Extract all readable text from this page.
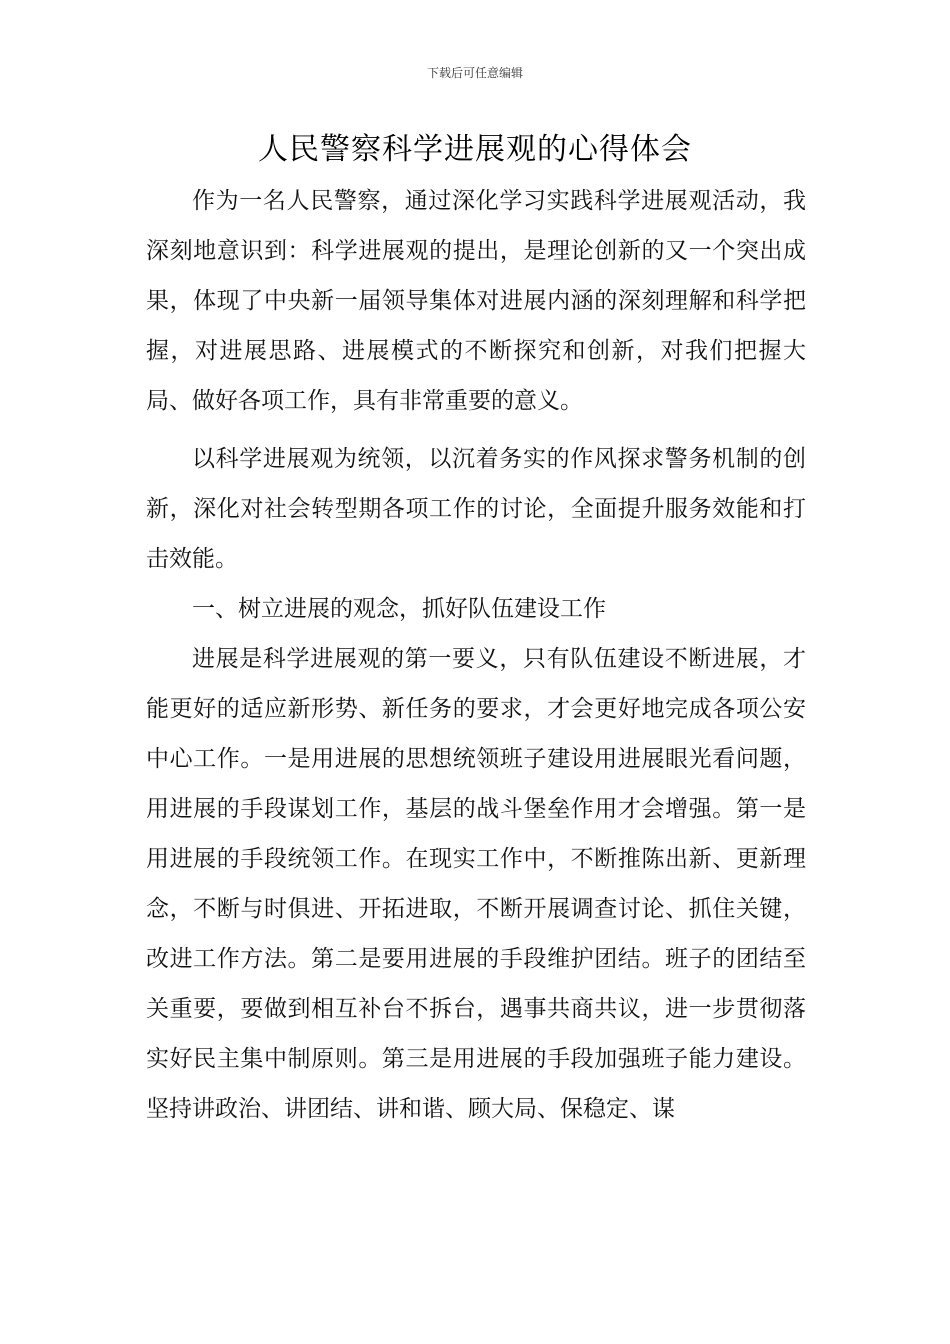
下载后可任意编辑
人民警察科学进展观的心得体会

作为一名人民警察，通过深化学习实践科学进展观活动，我深刻地意识到：科学进展观的提出，是理论创新的又一个突出成果，体现了中央新一届领导集体对进展内涵的深刻理解和科学把握，对进展思路、进展模式的不断探究和创新，对我们把握大局、做好各项工作，具有非常重要的意义。

以科学进展观为统领，以沉着务实的作风探求警务机制的创新，深化对社会转型期各项工作的讨论，全面提升服务效能和打击效能。

一、树立进展的观念，抓好队伍建设工作

进展是科学进展观的第一要义，只有队伍建设不断进展，才能更好的适应新形势、新任务的要求，才会更好地完成各项公安中心工作。一是用进展的思想统领班子建设用进展眼光看问题，用进展的手段谋划工作，基层的战斗堡垒作用才会增强。第一是用进展的手段统领工作。在现实工作中，不断推陈出新、更新理念，不断与时俱进、开拓进取，不断开展调查讨论、抓住关键，改进工作方法。第二是要用进展的手段维护团结。班子的团结至关重要，要做到相互补台不拆台，遇事共商共议，进一步贯彻落实好民主集中制原则。第三是用进展的手段加强班子能力建设。坚持讲政治、讲团结、讲和谐、顾大局、保稳定、谋
